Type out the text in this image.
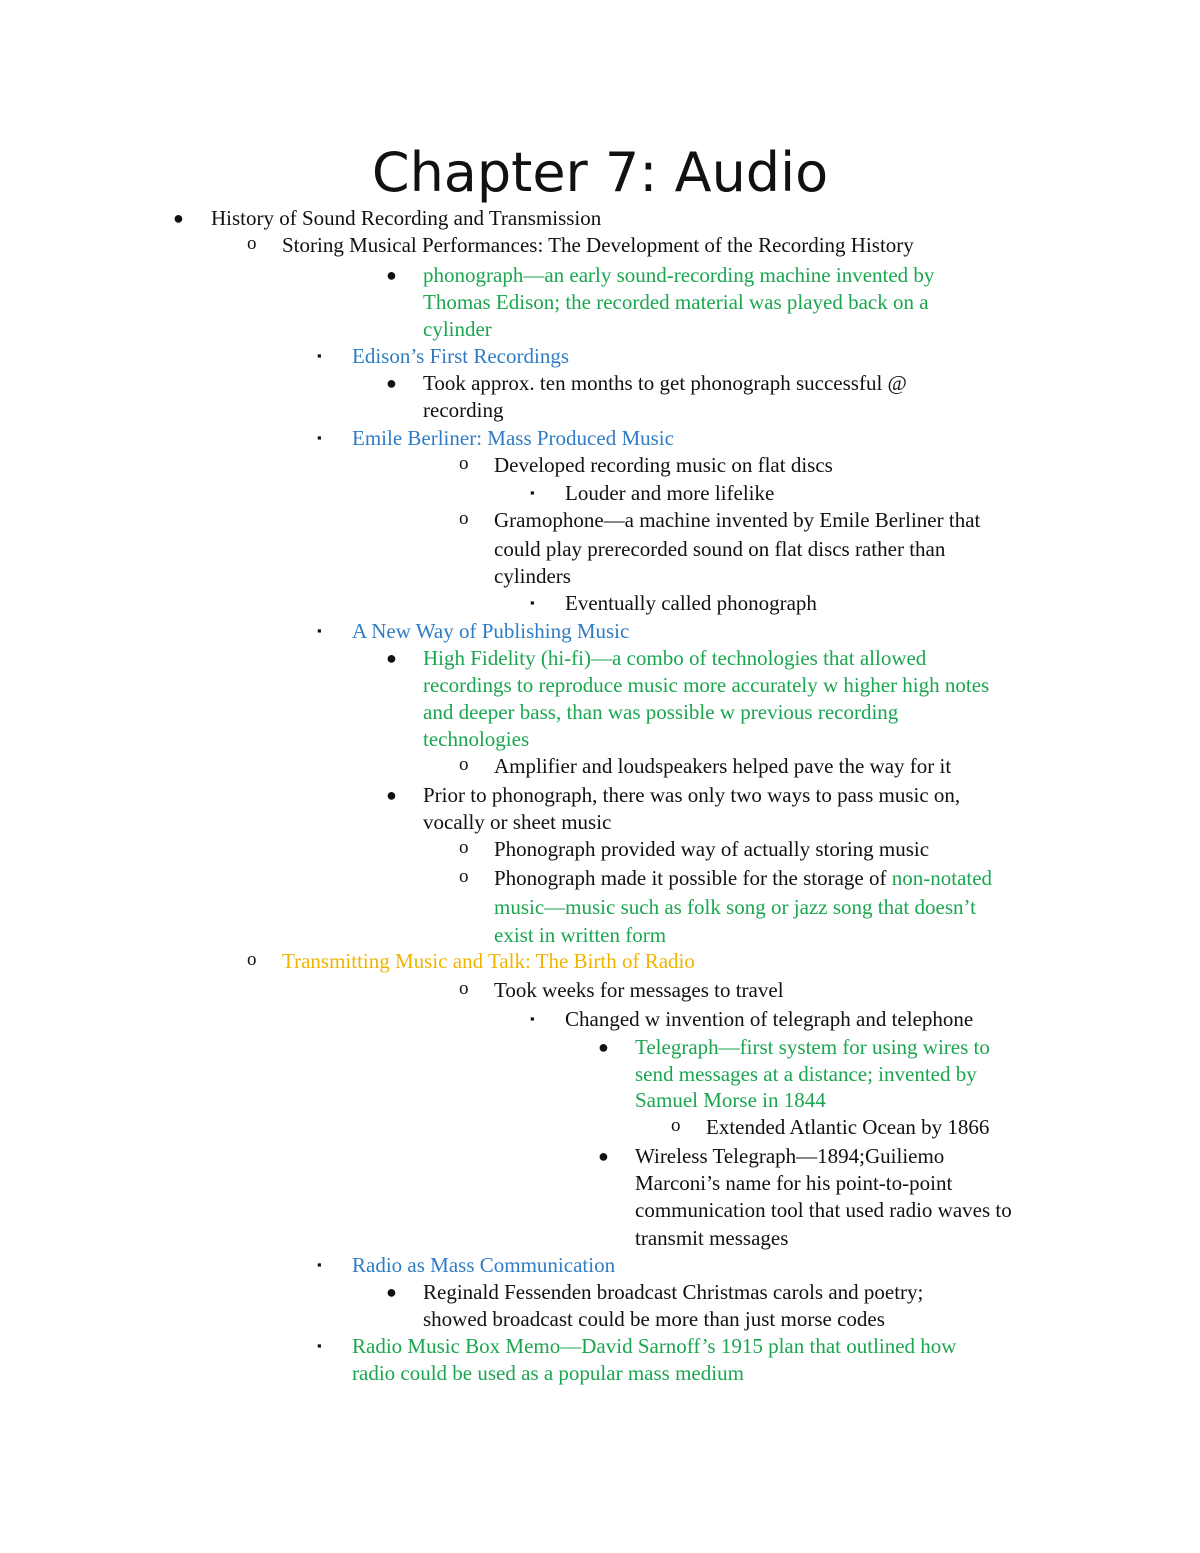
Chapter 7: Audio
● History of Sound Recording and Transmission
o Storing Musical Performances: The Development of the Recording History
● phonograph—an early sound-recording machine invented by
Thomas Edison; the recorded material was played back on a
cylinder
▪ Edison’s First Recordings
● Took approx. ten months to get phonograph successful @
recording
▪ Emile Berliner: Mass Produced Music
o Developed recording music on flat discs
▪ Louder and more lifelike
o Gramophone—a machine invented by Emile Berliner that
could play prerecorded sound on flat discs rather than
cylinders
▪ Eventually called phonograph
▪ A New Way of Publishing Music
● High Fidelity (hi-fi)—a combo of technologies that allowed
recordings to reproduce music more accurately w higher high notes
and deeper bass, than was possible w previous recording
technologies
o Amplifier and loudspeakers helped pave the way for it
● Prior to phonograph, there was only two ways to pass music on,
vocally or sheet music
o Phonograph provided way of actually storing music
o Phonograph made it possible for the storage of non-notated
music—music such as folk song or jazz song that doesn’t
exist in written form
o Transmitting Music and Talk: The Birth of Radio
o Took weeks for messages to travel
▪ Changed w invention of telegraph and telephone
● Telegraph—first system for using wires to
send messages at a distance; invented by
Samuel Morse in 1844
o Extended Atlantic Ocean by 1866
● Wireless Telegraph—1894;Guiliemo
Marconi’s name for his point-to-point
communication tool that used radio waves to
transmit messages
▪ Radio as Mass Communication
● Reginald Fessenden broadcast Christmas carols and poetry;
showed broadcast could be more than just morse codes
▪ Radio Music Box Memo—David Sarnoff’s 1915 plan that outlined how
radio could be used as a popular mass medium
